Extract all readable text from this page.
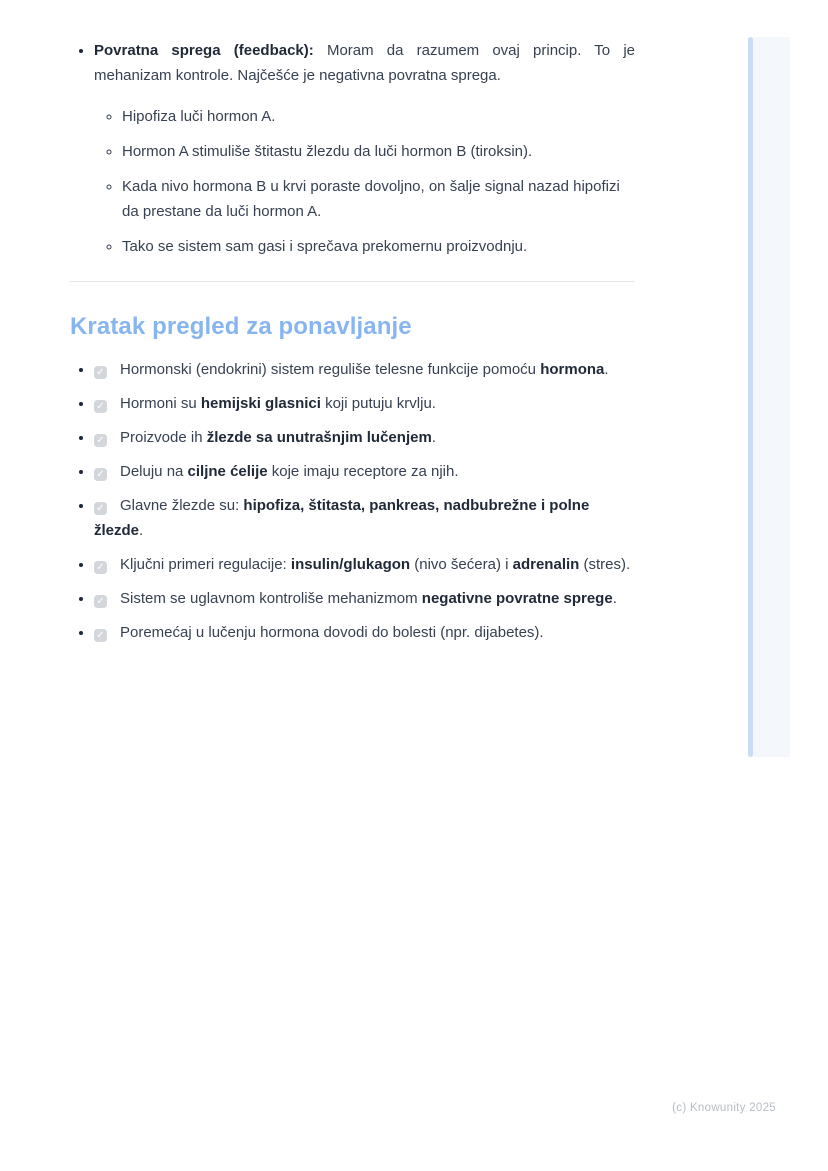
• Povratna sprega (feedback): Moram da razumem ovaj princip. To je mehanizam kontrole. Najčešće je negativna povratna sprega.
◦ Hipofiza luči hormon A.
◦ Hormon A stimuliše štitastu žlezdu da luči hormon B (tiroksin).
◦ Kada nivo hormona B u krvi poraste dovoljno, on šalje signal nazad hipofizi da prestane da luči hormon A.
◦ Tako se sistem sam gasi i sprečava prekomernu proizvodnju.
Kratak pregled za ponavljanje
• ✓ Hormonski (endokrini) sistem reguliše telesne funkcije pomoću hormona.
• ✓ Hormoni su hemijski glasnici koji putuju krvlju.
• ✓ Proizvode ih žlezde sa unutrašnjim lučenjem.
• ✓ Deluju na ciljne ćelije koje imaju receptore za njih.
• ✓ Glavne žlezde su: hipofiza, štitasta, pankreas, nadbubrežne i polne žlezde.
• ✓ Ključni primeri regulacije: insulin/glukagon (nivo šećera) i adrenalin (stres).
• ✓ Sistem se uglavnom kontroliše mehanizmom negativne povratne sprege.
• ✓ Poremećaj u lučenju hormona dovodi do bolesti (npr. dijabetes).
(c) Knowunity 2025
